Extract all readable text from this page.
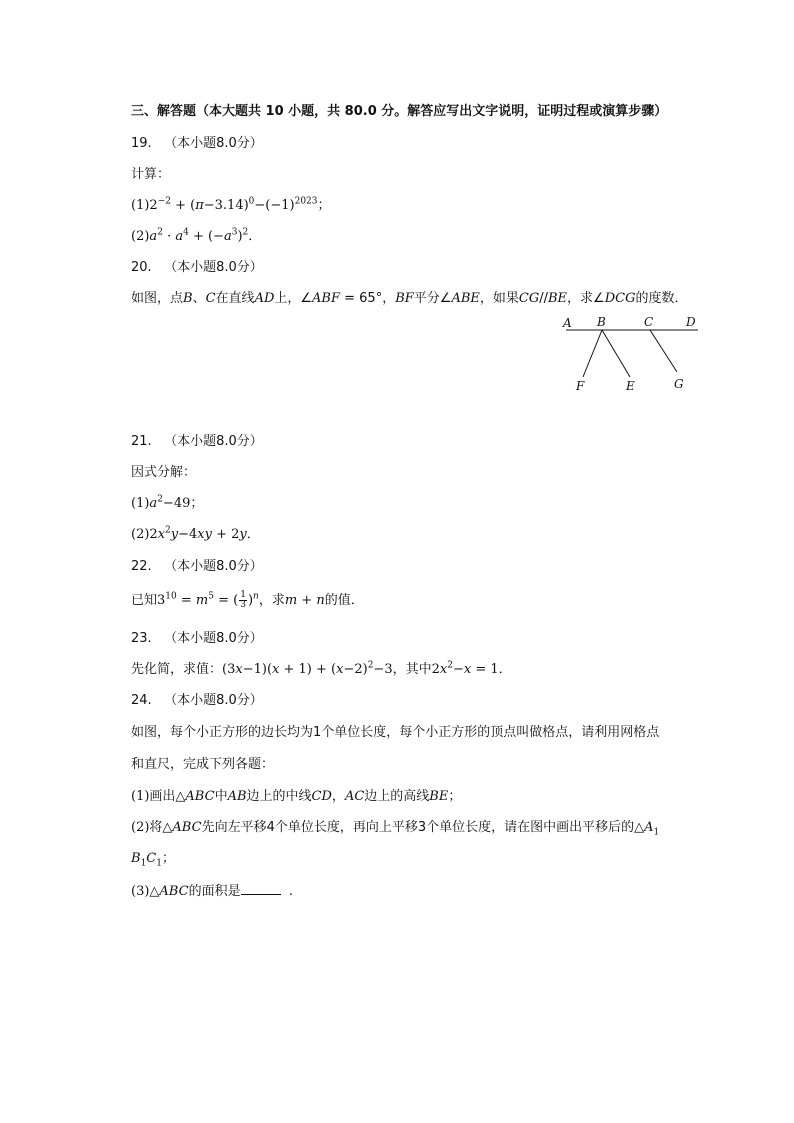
三、解答题（本大题共 10 小题，共 80.0 分。解答应写出文字说明，证明过程或演算步骤）
19. （本小题8.0分）
计算：
$(1)2^{-2} + (\pi-3.14)^0-(-1)^{2023}$；
$(2)a^2 \cdot a^4 + (-a^3)^2$．
20. （本小题8.0分）
如图，点B、C在直线AD上，∠ABF = 65°，BF平分∠ABE，如果CG//BE，求∠DCG的度数．
A B	C	D
F	E	G
21. （本小题8.0分）
因式分解：
$(1)a^2-49$；
$(2)2x^2y-4xy + 2y$．
22. （本小题8.0分）
已知$3^{10} = m^5$ = ( $\frac{1}{3} )^n$，求m + n的值．
23. （本小题8.0分）
先化简，求值：$(3x-1)(x + 1) + (x-2)^2-3$，其中$2x^2-x = 1$．
24. （本小题8.0分）
如图，每个小正方形的边长均为1个单位长度，每个小正方形的顶点叫做格点，请利用网格点
和直尺，完成下列各题：
(1)画出△ABC中AB边上的中线CD，AC边上的高线BE；
(2)将△ABC先向左平移4个单位长度，再向上平移3个单位长度，请在图中画出平移后的$\triangle A_1$
$B_1C_1$；
(3)△ABC的面积是	.
